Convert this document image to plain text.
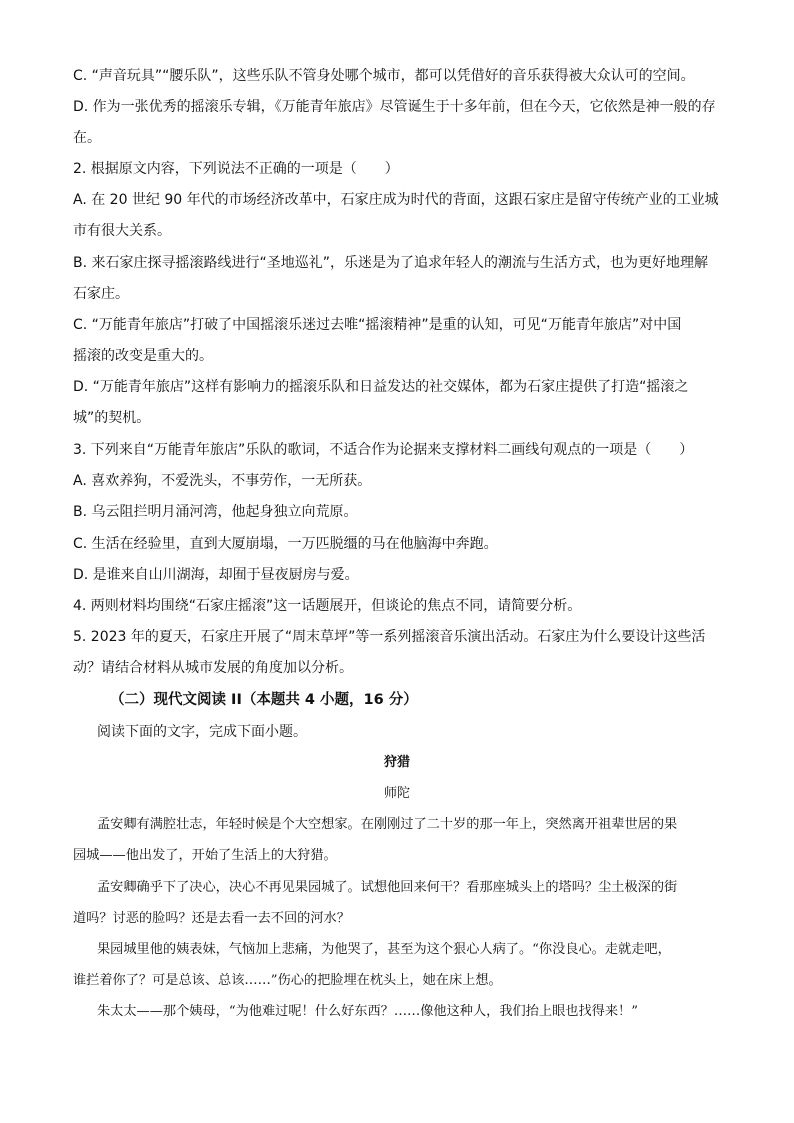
C. “声音玩具”“腰乐队”，这些乐队不管身处哪个城市，都可以凭借好的音乐获得被大众认可的空间。
D. 作为一张优秀的摇滚乐专辑，《万能青年旅店》尽管诞生于十多年前，但在今天，它依然是神一般的存
在。
2. 根据原文内容，下列说法不正确的一项是（　　）
A. 在 20 世纪 90 年代的市场经济改革中，石家庄成为时代的背面，这跟石家庄是留守传统产业的工业城
市有很大关系。
B. 来石家庄探寻摇滚路线进行“圣地巡礼”，乐迷是为了追求年轻人的潮流与生活方式，也为更好地理解
石家庄。
C. “万能青年旅店”打破了中国摇滚乐迷过去唯“摇滚精神”是重的认知，可见“万能青年旅店”对中国
摇滚的改变是重大的。
D. “万能青年旅店”这样有影响力的摇滚乐队和日益发达的社交媒体，都为石家庄提供了打造“摇滚之
城”的契机。
3. 下列来自“万能青年旅店”乐队的歌词，不适合作为论据来支撑材料二画线句观点的一项是（　　）
A. 喜欢养狗，不爱洗头，不事劳作，一无所获。
B. 乌云阻拦明月涌河湾，他起身独立向荒原。
C. 生活在经验里，直到大厦崩塌，一万匹脱缰的马在他脑海中奔跑。
D. 是谁来自山川湖海，却囿于昼夜厨房与爱。
4. 两则材料均围绕“石家庄摇滚”这一话题展开，但谈论的焦点不同，请简要分析。
5. 2023 年的夏天，石家庄开展了“周末草坪”等一系列摇滚音乐演出活动。石家庄为什么要设计这些活
动？请结合材料从城市发展的角度加以分析。
（二）现代文阅读 II（本题共 4 小题，16 分）
阅读下面的文字，完成下面小题。
狩猎
师陀
孟安卿有满腔壮志，年轻时候是个大空想家。在刚刚过了二十岁的那一年上，突然离开祖辈世居的果
园城——他出发了，开始了生活上的大狩猎。
孟安卿确乎下了决心，决心不再见果园城了。试想他回来何干？看那座城头上的塔吗？尘土极深的街
道吗？讨恶的脸吗？还是去看一去不回的河水？
果园城里他的姨表妹，气恼加上悲痛，为他哭了，甚至为这个狠心人病了。“你没良心。走就走吧，
谁拦着你了？可是总该、总该……”伤心的把脸埋在枕头上，她在床上想。
朱太太——那个姨母，“为他难过呢！什么好东西？……像他这种人，我们抬上眼也找得来！”
